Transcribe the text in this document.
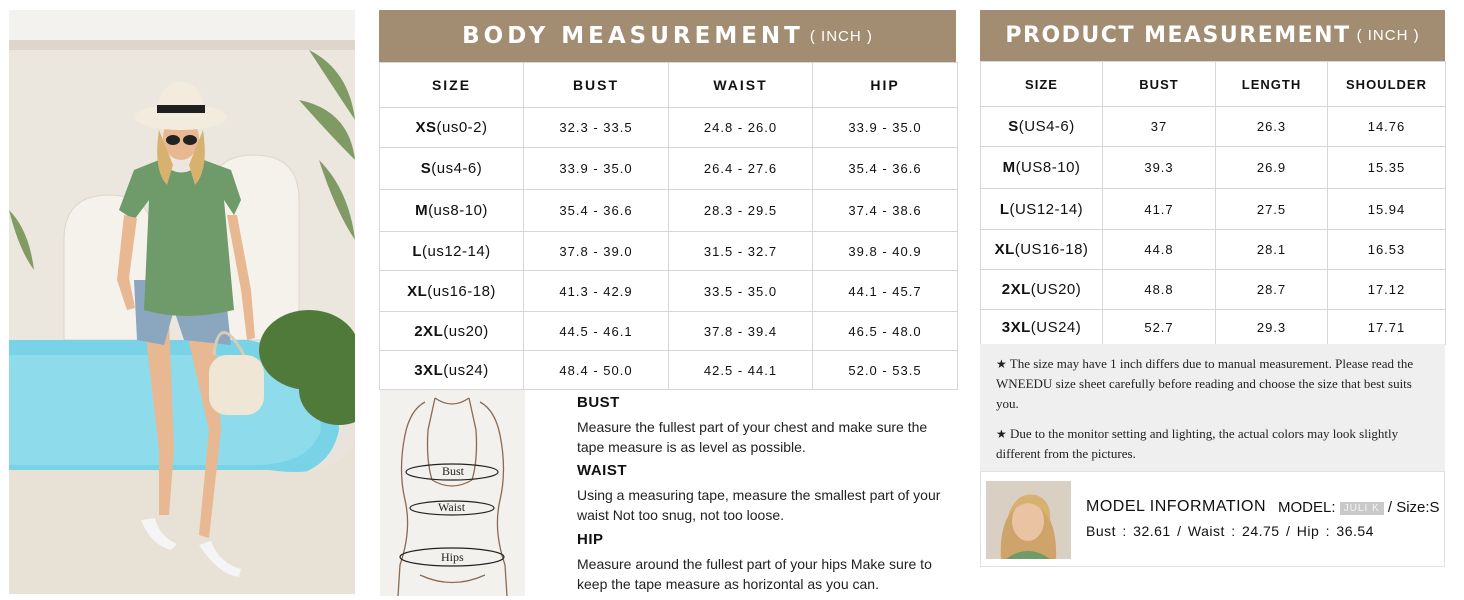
BODY MEASUREMENT ( INCH )
SIZE	BUST	WAIST	HIP
XS(us0-2)	32.3 - 33.5	24.8 - 26.0	33.9 - 35.0
S(us4-6)	33.9 - 35.0	26.4 - 27.6	35.4 - 36.6
M(us8-10)	35.4 - 36.6	28.3 - 29.5	37.4 - 38.6
L(us12-14)	37.8 - 39.0	31.5 - 32.7	39.8 - 40.9
XL(us16-18)	41.3 - 42.9	33.5 - 35.0	44.1 - 45.7
2XL(us20)	44.5 - 46.1	37.8 - 39.4	46.5 - 48.0
3XL(us24)	48.4 - 50.0	42.5 - 44.1	52.0 - 53.5
Bust
Waist
Hips
BUST

Measure the fullest part of your chest and make sure the tape measure is as level as possible.

WAIST

Using a measuring tape, measure the smallest part of your waist Not too snug, not too loose.

HIP

Measure around the fullest part of your hips Make sure to keep the tape measure as horizontal as you can.

PRODUCT MEASUREMENT ( INCH )
SIZE	BUST	LENGTH	SHOULDER
S(US4-6)	37	26.3	14.76
M(US8-10)	39.3	26.9	15.35
L(US12-14)	41.7	27.5	15.94
XL(US16-18)	44.8	28.1	16.53
2XL(US20)	48.8	28.7	17.12
3XL(US24)	52.7	29.3	17.71

★ The size may have 1 inch differs due to manual measurement. Please read the WNEEDU size sheet carefully before reading and choose the size that best suits you.

★ Due to the monitor setting and lighting, the actual colors may look slightly different from the pictures.

MODEL INFORMATION MODEL: JULI K / Size:S
Bust : 32.61 / Waist : 24.75 / Hip : 36.54
